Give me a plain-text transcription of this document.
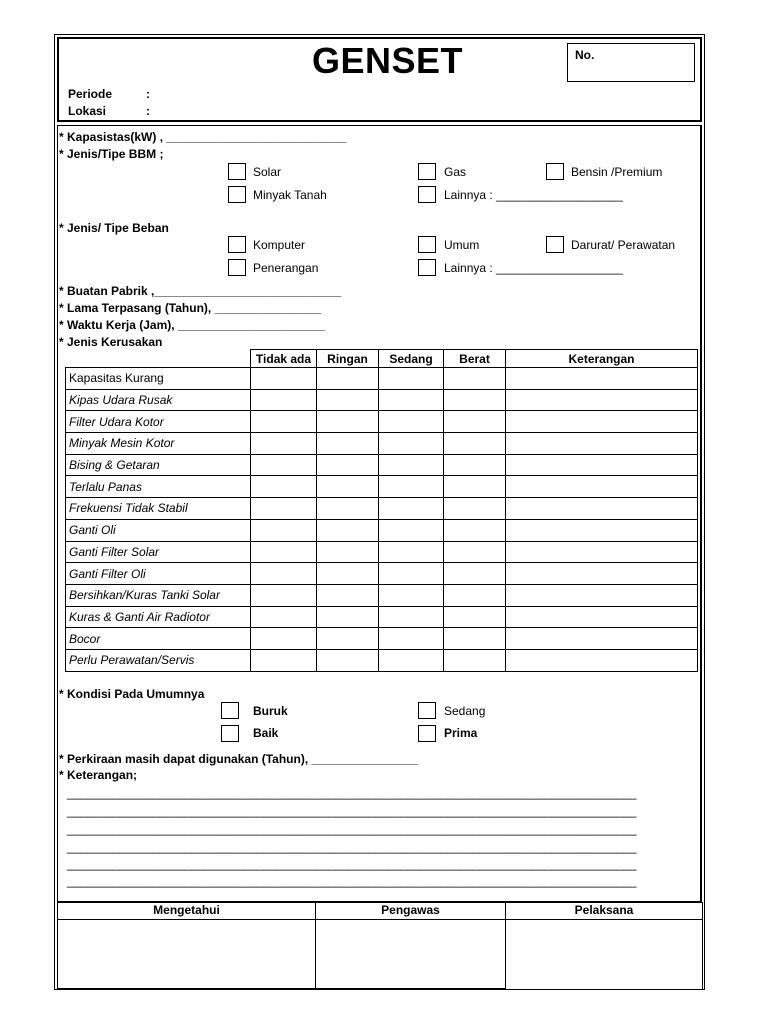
GENSET	No.
Periode	:
Lokasi	:
* Kapasistas(kW) , ___________________________
* Jenis/Tipe BBM ;
Solar	Gas	Bensin /Premium
Minyak Tanah	Lainnya : ___________________
* Jenis/ Tipe Beban
Komputer	Umum	Darurat/ Perawatan
Penerangan	Lainnya : ___________________
* Buatan Pabrik ,____________________________
* Lama Terpasang (Tahun), ________________
* Waktu Kerja (Jam), ______________________
* Jenis Kerusakan
	Tidak ada	Ringan	Sedang	Berat	Keterangan
Kapasitas Kurang					
Kipas Udara Rusak					
Filter Udara Kotor					
Minyak Mesin Kotor					
Bising & Getaran					
Terlalu Panas					
Frekuensi Tidak Stabil					
Ganti Oli					
Ganti Filter Solar					
Ganti Filter Oli					
Bersihkan/Kuras Tanki Solar					
Kuras & Ganti Air Radiotor					
Bocor					
Perlu Perawatan/Servis					
* Kondisi Pada Umumnya
Buruk	Sedang
Baik	Prima
* Perkiraan masih dapat digunakan (Tahun), ________________
* Keterangan;
_______________________________________________________________________________________
_______________________________________________________________________________________
_______________________________________________________________________________________
_______________________________________________________________________________________
_______________________________________________________________________________________
_______________________________________________________________________________________
Mengetahui	Pengawas	Pelaksana
